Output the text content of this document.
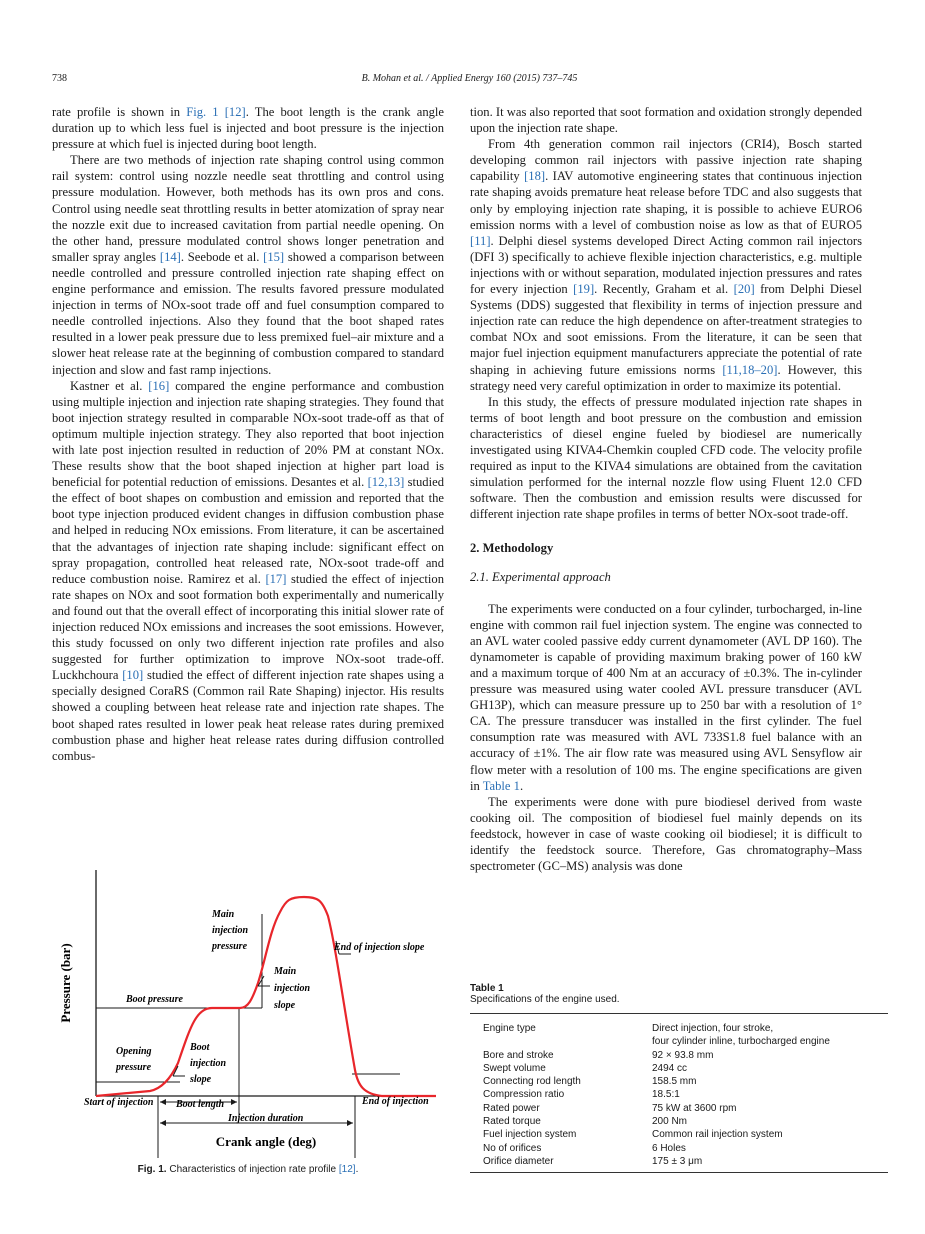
738	B. Mohan et al. / Applied Energy 160 (2015) 737–745

rate profile is shown in Fig. 1 [12]. The boot length is the crank angle duration up to which less fuel is injected and boot pressure is the injection pressure at which fuel is injected during boot length.

There are two methods of injection rate shaping control using common rail system: control using nozzle needle seat throttling and control using pressure modulation. However, both methods has its own pros and cons. Control using needle seat throttling results in better atomization of spray near the nozzle exit due to increased cavitation from partial needle opening. On the other hand, pressure modulated control shows longer penetration and smaller spray angles [14]. Seebode et al. [15] showed a comparison between needle controlled and pressure controlled injection rate shaping effect on engine performance and emission. The results favored pressure modulated injection in terms of NOx-soot trade off and fuel consumption compared to needle controlled injections. Also they found that the boot shaped rates resulted in a lower peak pressure due to less premixed fuel–air mixture and a slower heat release rate at the beginning of combustion compared to standard injection and slow and fast ramp injections.

Kastner et al. [16] compared the engine performance and combustion using multiple injection and injection rate shaping strategies. They found that boot injection strategy resulted in comparable NOx-soot trade-off as that of optimum multiple injection strategy. They also reported that boot injection with late post injection resulted in reduction of 20% PM at constant NOx. These results show that the boot shaped injection at higher part load is beneficial for potential reduction of emissions. Desantes et al. [12,13] studied the effect of boot shapes on combustion and emission and reported that the boot type injection produced evident changes in diffusion combustion phase and helped in reducing NOx emissions. From literature, it can be ascertained that the advantages of injection rate shaping include: significant effect on spray propagation, controlled heat released rate, NOx-soot trade-off and reduce combustion noise. Ramirez et al. [17] studied the effect of injection rate shapes on NOx and soot formation both experimentally and numerically and found out that the overall effect of incorporating this initial slower rate of injection reduced NOx emissions and increases the soot emissions. However, this study focussed on only two different injection rate profiles and also suggested for further optimization to improve NOx-soot trade-off. Luckhchoura [10] studied the effect of different injection rate shapes using a specially designed CoraRS (Common rail Rate Shaping) injector. His results showed a coupling between heat release rate and injection rate shapes. The boot shaped rates resulted in lower peak heat release rates during premixed combustion phase and higher heat release rates during diffusion controlled combus-

tion. It was also reported that soot formation and oxidation strongly depended upon the injection rate shape.

From 4th generation common rail injectors (CRI4), Bosch started developing common rail injectors with passive injection rate shaping capability [18]. IAV automotive engineering states that continuous injection rate shaping avoids premature heat release before TDC and also suggests that only by employing injection rate shaping, it is possible to achieve EURO6 emission norms with a level of combustion noise as low as that of EURO5 [11]. Delphi diesel systems developed Direct Acting common rail injectors (DFI 3) specifically to achieve flexible injection characteristics, e.g. multiple injections with or without separation, modulated injection pressures and rates for every injection [19]. Recently, Graham et al. [20] from Delphi Diesel Systems (DDS) suggested that flexibility in terms of injection pressure and injection rate can reduce the high dependence on after-treatment strategies to combat NOx and soot emissions. From the literature, it can be seen that major fuel injection equipment manufacturers appreciate the potential of rate shaping in achieving future emissions norms [11,18–20]. However, this strategy need very careful optimization in order to maximize its potential.

In this study, the effects of pressure modulated injection rate shapes in terms of boot length and boot pressure on the combustion and emission characteristics of diesel engine fueled by biodiesel are numerically investigated using KIVA4-Chemkin coupled CFD code. The velocity profile required as input to the KIVA4 simulations are obtained from the cavitation simulation performed for the internal nozzle flow using Fluent 12.0 CFD software. Then the combustion and emission results were discussed for different injection rate shape profiles in terms of better NOx-soot trade-off.

2. Methodology
2.1. Experimental approach

The experiments were conducted on a four cylinder, turbocharged, in-line engine with common rail fuel injection system. The engine was connected to an AVL water cooled passive eddy current dynamometer (AVL DP 160). The dynamometer is capable of providing maximum braking power of 160 kW and a maximum torque of 400 Nm at an accuracy of ±0.3%. The in-cylinder pressure was measured using water cooled AVL pressure transducer (AVL GH13P), which can measure pressure up to 250 bar with a resolution of 1° CA. The pressure transducer was installed in the first cylinder. The fuel consumption rate was measured with AVL 733S1.8 fuel balance with an accuracy of ±1%. The air flow rate was measured using AVL Sensyflow air flow meter with a resolution of 100 ms. The engine specifications are given in Table 1.

The experiments were done with pure biodiesel derived from waste cooking oil. The composition of biodiesel fuel mainly depends on its feedstock, however in case of waste cooking oil biodiesel; it is difficult to identify the feedstock source. Therefore, Gas chromatography–Mass spectrometer (GC–MS) analysis was done

Pressure (bar)
Crank angle (deg)
Main
injection
pressure	End of injection slope
Main
injection
slope
Boot pressure
Boot
injection
slope
Opening
pressure
Start of injection Boot length	End of injection
Injection duration
Fig. 1. Characteristics of injection rate profile [12].
Table 1
Specifications of the engine used.
Engine type	Direct injection, four stroke,
	four cylinder inline, turbocharged engine
Bore and stroke	92 × 93.8 mm
Swept volume	2494 cc
Connecting rod length	158.5 mm
Compression ratio	18.5:1
Rated power	75 kW at 3600 rpm
Rated torque	200 Nm
Fuel injection system	Common rail injection system
No of orifices	6 Holes
Orifice diameter	175 ± 3 μm
